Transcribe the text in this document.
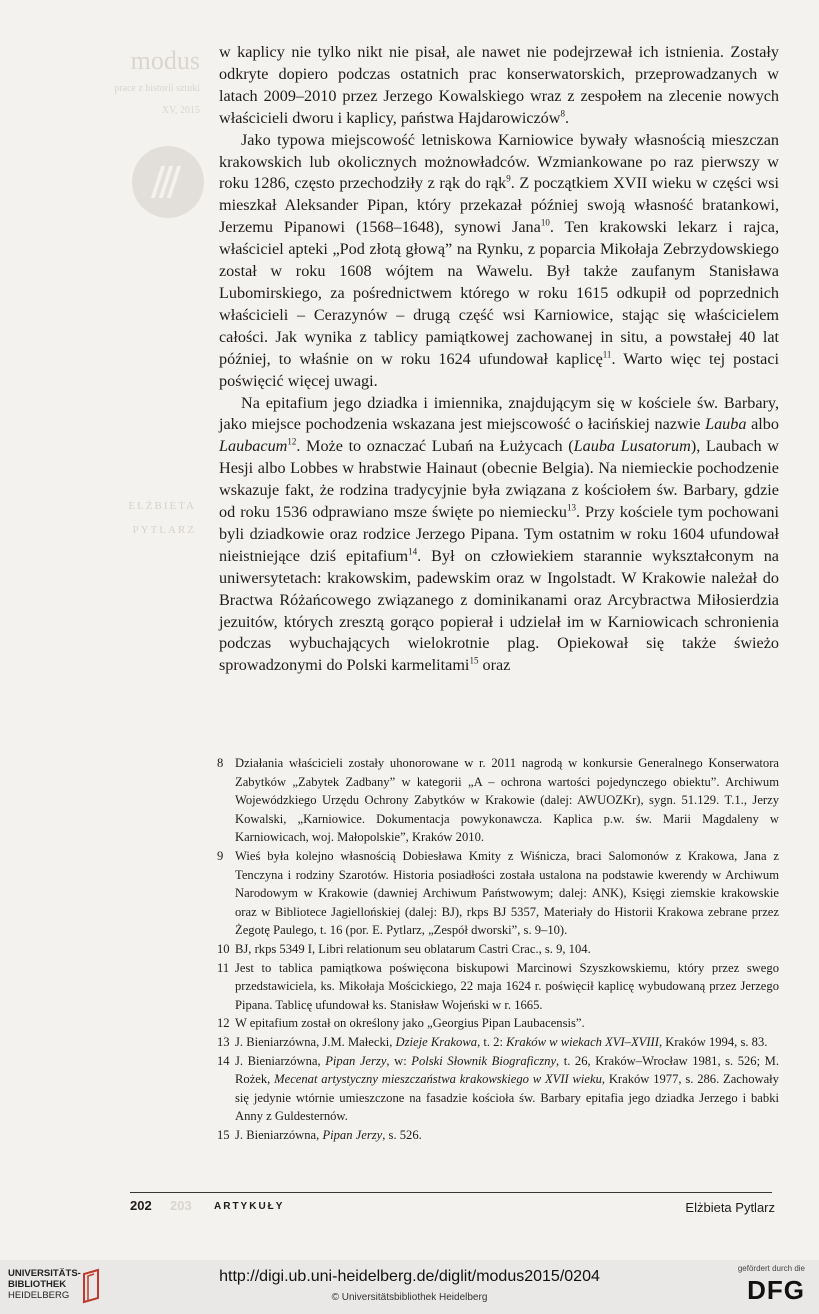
modus
prace z historii sztuki
XV, 2015
ELŻBIETA
PYTLARZ

w kaplicy nie tylko nikt nie pisał, ale nawet nie podejrzewał ich istnienia. Zostały odkryte dopiero podczas ostatnich prac konserwatorskich, przeprowadzanych w latach 2009–2010 przez Jerzego Kowalskiego wraz z zespołem na zlecenie nowych właścicieli dworu i kaplicy, państwa Hajdarowiczów$^8$.

Jako typowa miejscowość letniskowa Karniowice bywały własnością mieszczan krakowskich lub okolicznych możnowładców. Wzmiankowane po raz pierwszy w roku 1286, często przechodziły z rąk do rąk$^9$. Z początkiem XVII wieku w części wsi mieszkał Aleksander Pipan, który przekazał później swoją własność bratankowi, Jerzemu Pipanowi (1568–1648), synowi Jana$^{10}$. Ten krakowski lekarz i rajca, właściciel apteki „Pod złotą głową” na Rynku, z poparcia Mikołaja Zebrzydowskiego został w roku 1608 wójtem na Wawelu. Był także zaufanym Stanisława Lubomirskiego, za pośrednictwem którego w roku 1615 odkupił od poprzednich właścicieli – Cerazynów – drugą część wsi Karniowice, stając się właścicielem całości. Jak wynika z tablicy pamiątkowej zachowanej in situ, a powstałej 40 lat później, to właśnie on w roku 1624 ufundował kaplicę$^{11}$. Warto więc tej postaci poświęcić więcej uwagi.

Na epitafium jego dziadka i imiennika, znajdującym się w kościele św. Barbary, jako miejsce pochodzenia wskazana jest miejscowość o łacińskiej nazwie Lauba albo Laubacum$^{12}$. Może to oznaczać Lubań na Łużycach (Lauba Lusatorum), Laubach w Hesji albo Lobbes w hrabstwie Hainaut (obecnie Belgia). Na niemieckie pochodzenie wskazuje fakt, że rodzina tradycyjnie była związana z kościołem św. Barbary, gdzie od roku 1536 odprawiano msze święte po niemiecku$^{13}$. Przy kościele tym pochowani byli dziadkowie oraz rodzice Jerzego Pipana. Tym ostatnim w roku 1604 ufundował nieistniejące dziś epitafium$^{14}$. Był on człowiekiem starannie wykształconym na uniwersytetach: krakowskim, padewskim oraz w Ingolstadt. W Krakowie należał do Bractwa Różańcowego związanego z dominikanami oraz Arcybractwa Miłosierdzia jezuitów, których zresztą gorąco popierał i udzielał im w Karniowicach schronienia podczas wybuchających wielokrotnie plag. Opiekował się także świeżo sprowadzonymi do Polski karmelitami$^{15}$ oraz

8 Działania właścicieli zostały uhonorowane w r. 2011 nagrodą w konkursie Generalnego Konserwatora Zabytków „Zabytek Zadbany” w kategorii „A – ochrona wartości pojedynczego obiektu”. Archiwum Wojewódzkiego Urzędu Ochrony Zabytków w Krakowie (dalej: AWUOZKr), sygn. 51.129. T.1., Jerzy Kowalski, „Karniowice. Dokumentacja powykonawcza. Kaplica p.w. św. Marii Magdaleny w Karniowicach, woj. Małopolskie”, Kraków 2010.
9 Wieś była kolejno własnością Dobiesława Kmity z Wiśnicza, braci Salomonów z Krakowa, Jana z Tenczyna i rodziny Szarotów. Historia posiadłości została ustalona na podstawie kwerendy w Archiwum Narodowym w Krakowie (dawniej Archiwum Państwowym; dalej: ANK), Księgi ziemskie krakowskie oraz w Bibliotece Jagiellońskiej (dalej: BJ), rkps BJ 5357, Materiały do Historii Krakowa zebrane przez Żegotę Paulego, t. 16 (por. E. Pytlarz, „Zespół dworski”, s. 9–10).
10 BJ, rkps 5349 I, Libri relationum seu oblatarum Castri Crac., s. 9, 104.
11 Jest to tablica pamiątkowa poświęcona biskupowi Marcinowi Szyszkowskiemu, który przez swego przedstawiciela, ks. Mikołaja Mościckiego, 22 maja 1624 r. poświęcił kaplicę wybudowaną przez Jerzego Pipana. Tablicę ufundował ks. Stanisław Wojeński w r. 1665.
12 W epitafium został on określony jako „Georgius Pipan Laubacensis”.
13 J. Bieniarzówna, J.M. Małecki, Dzieje Krakowa, t. 2: Kraków w wiekach XVI–XVIII, Kraków 1994, s. 83.
14 J. Bieniarzówna, Pipan Jerzy, w: Polski Słownik Biograficzny, t. 26, Kraków–Wrocław 1981, s. 526; M. Rożek, Mecenat artystyczny mieszczaństwa krakowskiego w XVII wieku, Kraków 1977, s. 286. Zachowały się jedynie wtórnie umieszczone na fasadzie kościoła św. Barbary epitafia jego dziadka Jerzego i babki Anny z Guldesternów.
15 J. Bieniarzówna, Pipan Jerzy, s. 526.
202 203 ARTYKUŁY	Elżbieta Pytlarz
UNIVERSITÄTS-
BIBLIOTHEK
HEIDELBERG
http://digi.ub.uni-heidelberg.de/diglit/modus2015/0204
© Universitätsbibliothek Heidelberg
gefördert durch die
DFG
